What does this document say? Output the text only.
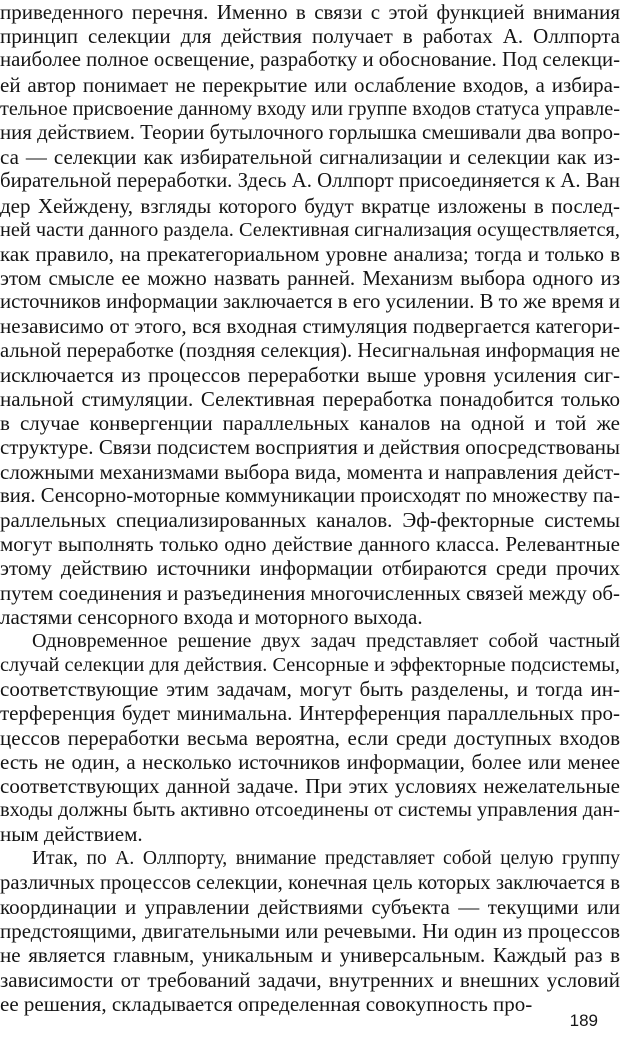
приведенного перечня. Именно в связи с этой функцией внимания
принцип селекции для действия получает в работах А. Оллпорта
наиболее полное освещение, разработку и обоснование. Под селекци-
ей автор понимает не перекрытие или ослабление входов, а избира-
тельное присвоение данному входу или группе входов статуса управле-
ния действием. Теории бутылочного горлышка смешивали два вопро-
са — селекции как избирательной сигнализации и селекции как из-
бирательной переработки. Здесь А. Оллпорт присоединяется к А. Ван
дер Хейждену, взгляды которого будут вкратце изложены в послед-
ней части данного раздела. Селективная сигнализация осуществляется,
как правило, на прекатегориальном уровне анализа; тогда и только в
этом смысле ее можно назвать ранней. Механизм выбора одного из
источников информации заключается в его усилении. В то же время и
независимо от этого, вся входная стимуляция подвергается категори-
альной переработке (поздняя селекция). Несигнальная информация не
исключается из процессов переработки выше уровня усиления сиг-
нальной стимуляции. Селективная переработка понадобится только
в случае конвергенции параллельных каналов на одной и той же
структуре. Связи подсистем восприятия и действия опосредствованы
сложными механизмами выбора вида, момента и направления дейст-
вия. Сенсорно-моторные коммуникации происходят по множеству па-
раллельных специализированных каналов. Эф-фекторные системы
могут выполнять только одно действие данного класса. Релевантные
этому действию источники информации отбираются среди прочих
путем соединения и разъединения многочисленных связей между об-
ластями сенсорного входа и моторного выхода.
Одновременное решение двух задач представляет собой частный
случай селекции для действия. Сенсорные и эффекторные подсистемы,
соответствующие этим задачам, могут быть разделены, и тогда ин-
терференция будет минимальна. Интерференция параллельных про-
цессов переработки весьма вероятна, если среди доступных входов
есть не один, а несколько источников информации, более или менее
соответствующих данной задаче. При этих условиях нежелательные
входы должны быть активно отсоединены от системы управления дан-
ным действием.
Итак, по А. Оллпорту, внимание представляет собой целую группу
различных процессов селекции, конечная цель которых заключается в
координации и управлении действиями субъекта — текущими или
предстоящими, двигательными или речевыми. Ни один из процессов
не является главным, уникальным и универсальным. Каждый раз в
зависимости от требований задачи, внутренних и внешних условий
ее решения, складывается определенная совокупность про-
189
